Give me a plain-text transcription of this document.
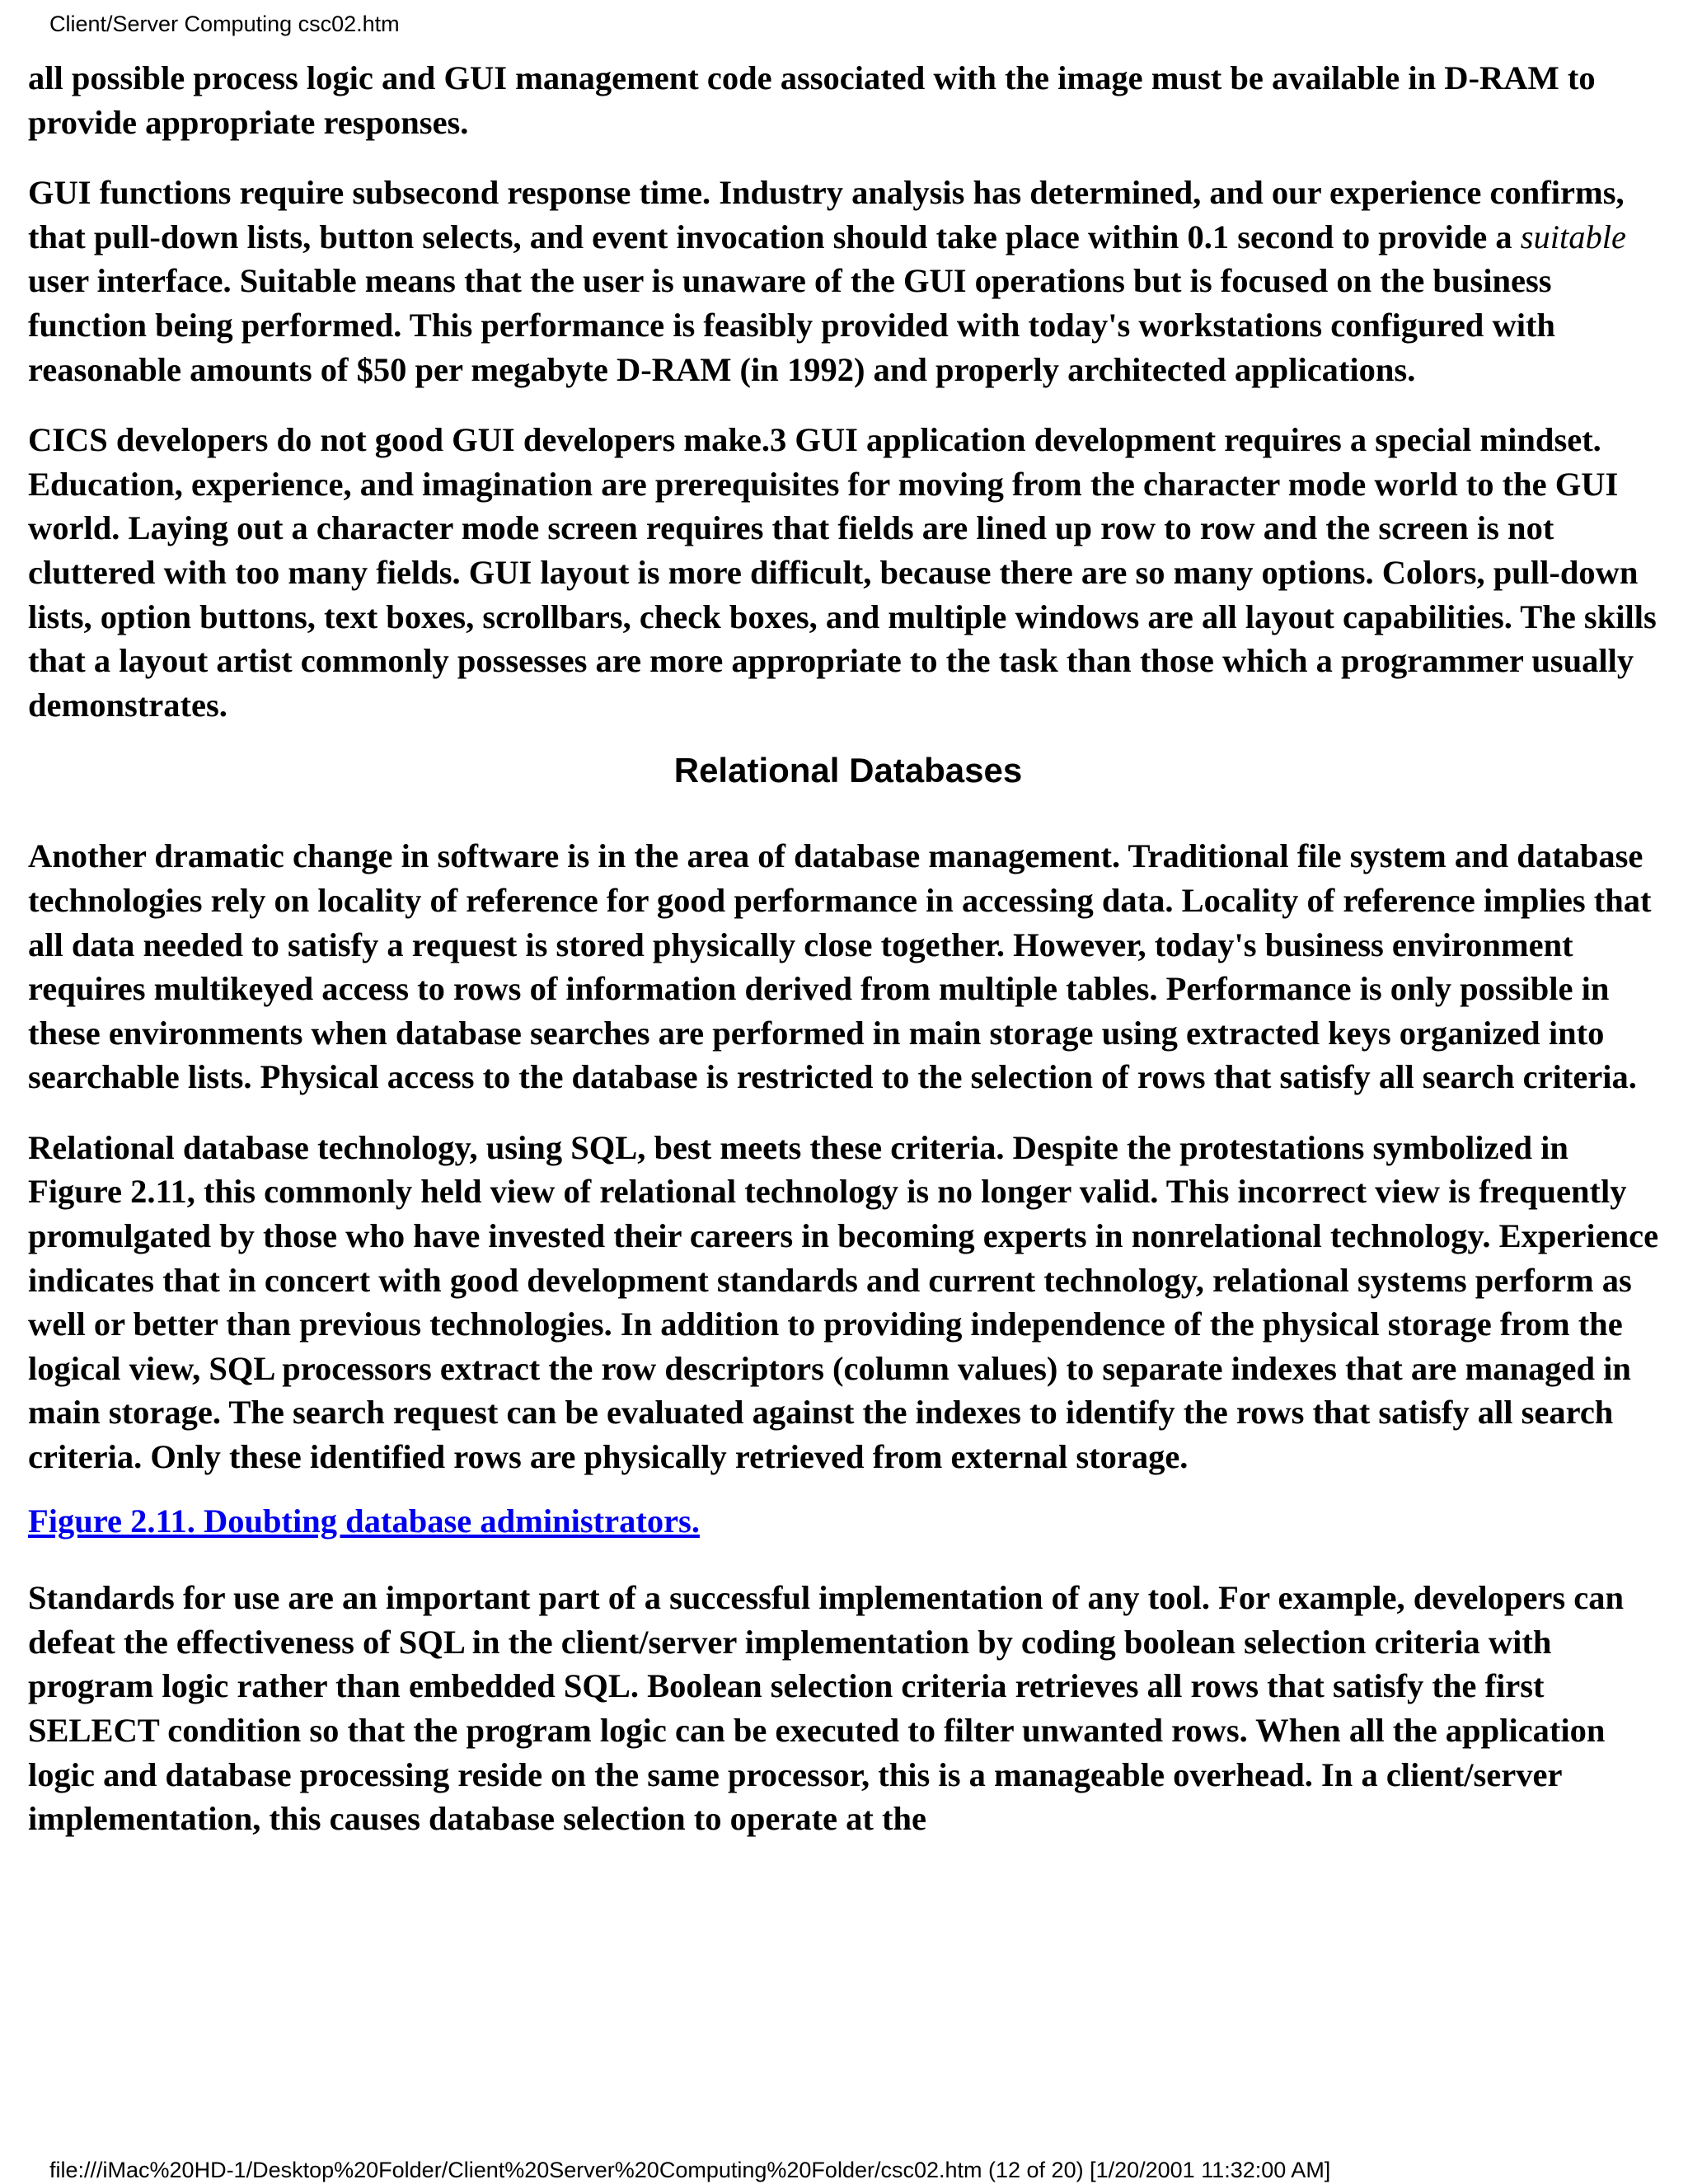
Client/Server Computing csc02.htm

all possible process logic and GUI management code associated with the image must be available in D-RAM to provide appropriate responses.

GUI functions require subsecond response time. Industry analysis has determined, and our experience confirms, that pull-down lists, button selects, and event invocation should take place within 0.1 second to provide a suitable user interface. Suitable means that the user is unaware of the GUI operations but is focused on the business function being performed. This performance is feasibly provided with today's workstations configured with reasonable amounts of $50 per megabyte D-RAM (in 1992) and properly architected applications.

CICS developers do not good GUI developers make.3 GUI application development requires a special mindset. Education, experience, and imagination are prerequisites for moving from the character mode world to the GUI world. Laying out a character mode screen requires that fields are lined up row to row and the screen is not cluttered with too many fields. GUI layout is more difficult, because there are so many options. Colors, pull-down lists, option buttons, text boxes, scrollbars, check boxes, and multiple windows are all layout capabilities. The skills that a layout artist commonly possesses are more appropriate to the task than those which a programmer usually demonstrates.

Relational Databases

Another dramatic change in software is in the area of database management. Traditional file system and database technologies rely on locality of reference for good performance in accessing data. Locality of reference implies that all data needed to satisfy a request is stored physically close together. However, today's business environment requires multikeyed access to rows of information derived from multiple tables. Performance is only possible in these environments when database searches are performed in main storage using extracted keys organized into searchable lists. Physical access to the database is restricted to the selection of rows that satisfy all search criteria.

Relational database technology, using SQL, best meets these criteria. Despite the protestations symbolized in Figure 2.11, this commonly held view of relational technology is no longer valid. This incorrect view is frequently promulgated by those who have invested their careers in becoming experts in nonrelational technology. Experience indicates that in concert with good development standards and current technology, relational systems perform as well or better than previous technologies. In addition to providing independence of the physical storage from the logical view, SQL processors extract the row descriptors (column values) to separate indexes that are managed in main storage. The search request can be evaluated against the indexes to identify the rows that satisfy all search criteria. Only these identified rows are physically retrieved from external storage.

Figure 2.11. Doubting database administrators.

Standards for use are an important part of a successful implementation of any tool. For example, developers can defeat the effectiveness of SQL in the client/server implementation by coding boolean selection criteria with program logic rather than embedded SQL. Boolean selection criteria retrieves all rows that satisfy the first SELECT condition so that the program logic can be executed to filter unwanted rows. When all the application logic and database processing reside on the same processor, this is a manageable overhead. In a client/server implementation, this causes database selection to operate at the

file:///iMac%20HD-1/Desktop%20Folder/Client%20Server%20Computing%20Folder/csc02.htm (12 of 20) [1/20/2001 11:32:00 AM]
